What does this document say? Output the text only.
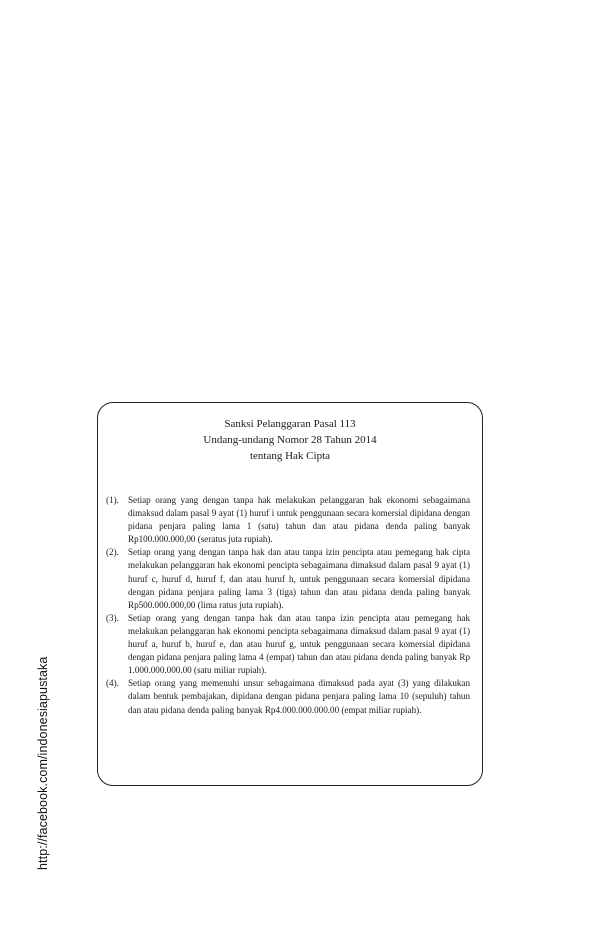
http://facebook.com/indonesiapustaka
Sanksi Pelanggaran Pasal 113
Undang-undang Nomor 28 Tahun 2014
tentang Hak Cipta
(1).	Setiap orang yang dengan tanpa hak melakukan pelanggaran hak ekonomi sebagaimana dimaksud dalam pasal 9 ayat (1) huruf i untuk penggunaan secara komersial dipidana dengan pidana penjara paling lama 1 (satu) tahun dan atau pidana denda paling banyak Rp100.000.000,00 (seratus juta rupiah).
(2).	Setiap orang yang dengan tanpa hak dan atau tanpa izin pencipta atau pemegang hak cipta melakukan pelanggaran hak ekonomi pencipta sebagaimana dimaksud dalam pasal 9 ayat (1) huruf c, huruf d, huruf f, dan atau huruf h, untuk penggunaan secara komersial dipidana dengan pidana penjara paling lama 3 (tiga) tahun dan atau pidana denda paling banyak Rp500.000.000,00 (lima ratus juta rupiah).
(3).	Setiap orang yang dengan tanpa hak dan atau tanpa izin pencipta atau pemegang hak melakukan pelanggaran hak ekonomi pencipta sebagaimana dimaksud dalam pasal 9 ayat (1) huruf a, huruf b, huruf e, dan atau huruf g, untuk penggunaan secara komersial dipidana dengan pidana penjara paling lama 4 (empat) tahun dan atau pidana denda paling banyak Rp 1.000.000.000.00 (satu miliar rupiah).
(4).	Setiap orang yang memenuhi unsur sebagaimana dimaksud pada ayat (3) yang dilakukan dalam bentuk pembajakan, dipidana dengan pidana penjara paling lama 10 (sepuluh) tahun dan atau pidana denda paling banyak Rp4.000.000.000.00 (empat miliar rupiah).
